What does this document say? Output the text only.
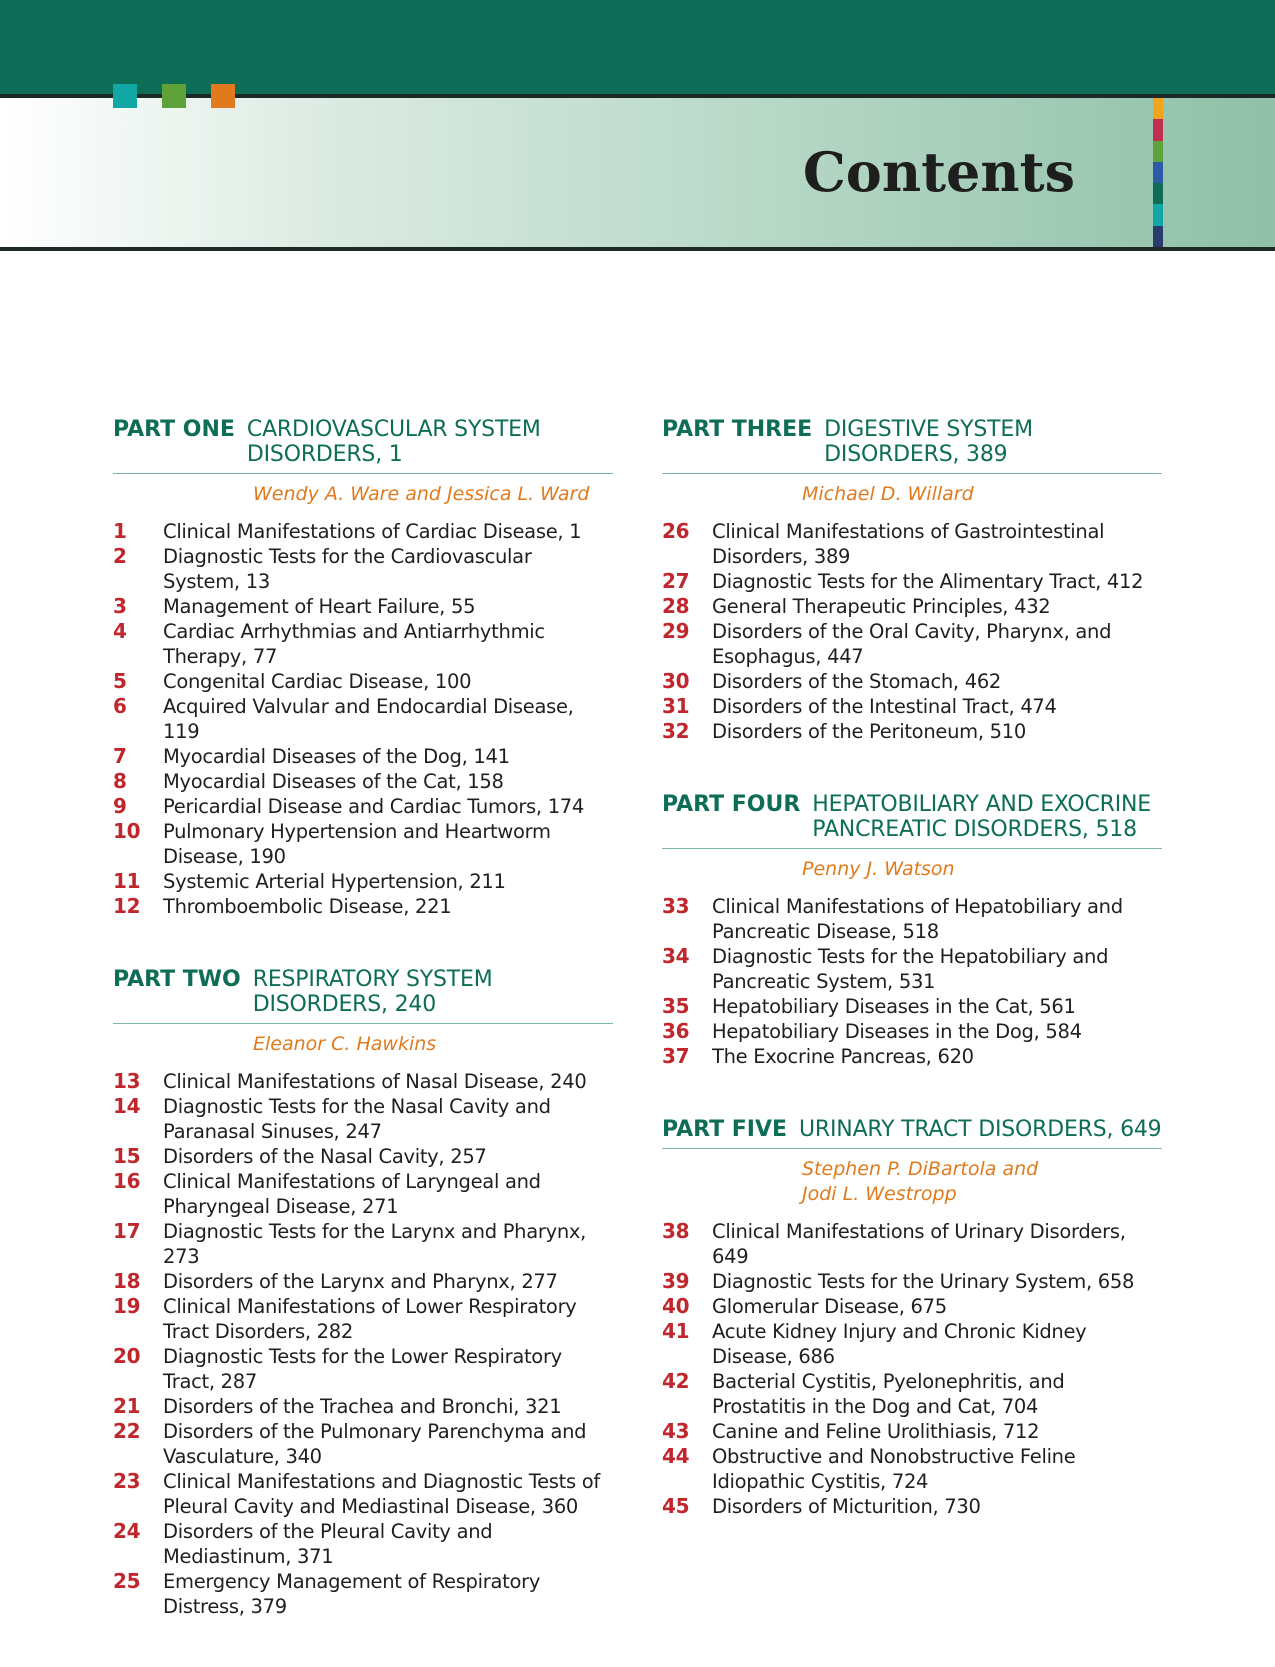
Contents
PART ONE CARDIOVASCULAR SYSTEM DISORDERS, 1
Wendy A. Ware and Jessica L. Ward
1	Clinical Manifestations of Cardiac Disease, 1
2	Diagnostic Tests for the Cardiovascular System, 13
3	Management of Heart Failure, 55
4	Cardiac Arrhythmias and Antiarrhythmic Therapy, 77
5	Congenital Cardiac Disease, 100
6	Acquired Valvular and Endocardial Disease, 119
7	Myocardial Diseases of the Dog, 141
8	Myocardial Diseases of the Cat, 158
9	Pericardial Disease and Cardiac Tumors, 174
10	Pulmonary Hypertension and Heartworm Disease, 190
11	Systemic Arterial Hypertension, 211
12	Thromboembolic Disease, 221
PART TWO RESPIRATORY SYSTEM DISORDERS, 240
Eleanor C. Hawkins
13	Clinical Manifestations of Nasal Disease, 240
14	Diagnostic Tests for the Nasal Cavity and Paranasal Sinuses, 247
15	Disorders of the Nasal Cavity, 257
16	Clinical Manifestations of Laryngeal and Pharyngeal Disease, 271
17	Diagnostic Tests for the Larynx and Pharynx, 273
18	Disorders of the Larynx and Pharynx, 277
19	Clinical Manifestations of Lower Respiratory Tract Disorders, 282
20	Diagnostic Tests for the Lower Respiratory Tract, 287
21	Disorders of the Trachea and Bronchi, 321
22	Disorders of the Pulmonary Parenchyma and Vasculature, 340
23	Clinical Manifestations and Diagnostic Tests of Pleural Cavity and Mediastinal Disease, 360
24	Disorders of the Pleural Cavity and Mediastinum, 371
25	Emergency Management of Respiratory Distress, 379
PART THREE DIGESTIVE SYSTEM DISORDERS, 389
Michael D. Willard
26	Clinical Manifestations of Gastrointestinal Disorders, 389
27	Diagnostic Tests for the Alimentary Tract, 412
28	General Therapeutic Principles, 432
29	Disorders of the Oral Cavity, Pharynx, and Esophagus, 447
30	Disorders of the Stomach, 462
31	Disorders of the Intestinal Tract, 474
32	Disorders of the Peritoneum, 510
PART FOUR HEPATOBILIARY AND EXOCRINE PANCREATIC DISORDERS, 518
Penny J. Watson
33	Clinical Manifestations of Hepatobiliary and Pancreatic Disease, 518
34	Diagnostic Tests for the Hepatobiliary and Pancreatic System, 531
35	Hepatobiliary Diseases in the Cat, 561
36	Hepatobiliary Diseases in the Dog, 584
37	The Exocrine Pancreas, 620
PART FIVE URINARY TRACT DISORDERS, 649
Stephen P. DiBartola and
Jodi L. Westropp
38	Clinical Manifestations of Urinary Disorders, 649
39	Diagnostic Tests for the Urinary System, 658
40	Glomerular Disease, 675
41	Acute Kidney Injury and Chronic Kidney Disease, 686
42	Bacterial Cystitis, Pyelonephritis, and Prostatitis in the Dog and Cat, 704
43	Canine and Feline Urolithiasis, 712
44	Obstructive and Nonobstructive Feline Idiopathic Cystitis, 724
45	Disorders of Micturition, 730
